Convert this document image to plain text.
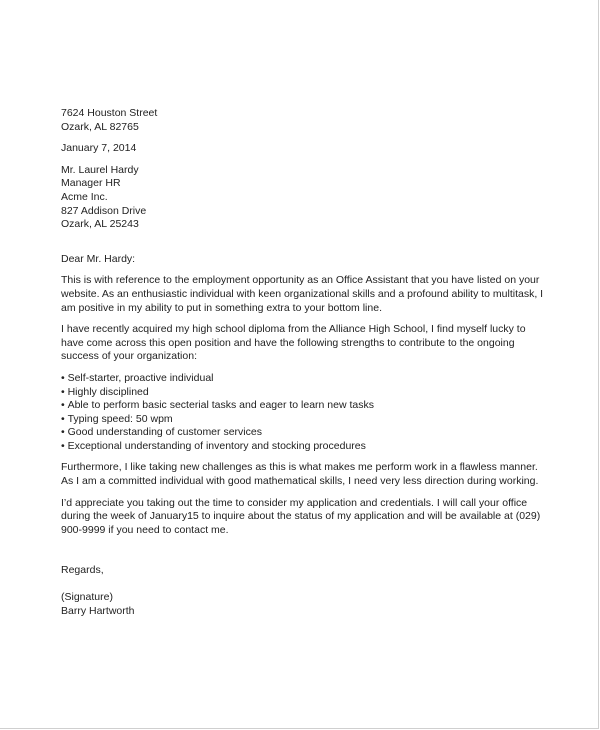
7624 Houston Street

Ozark, AL 82765

January 7, 2014

Mr. Laurel Hardy

Manager HR

Acme Inc.

827 Addison Drive

Ozark, AL 25243

Dear Mr. Hardy:

This is with reference to the employment opportunity as an Office Assistant that you have listed on your website. As an enthusiastic individual with keen organizational skills and a profound ability to multitask, I am positive in my ability to put in something extra to your bottom line.

I have recently acquired my high school diploma from the Alliance High School, I find myself lucky to have come across this open position and have the following strengths to contribute to the ongoing success of your organization:

• Self-starter, proactive individual
• Highly disciplined
• Able to perform basic secterial tasks and eager to learn new tasks
• Typing speed: 50 wpm
• Good understanding of customer services
• Exceptional understanding of inventory and stocking procedures

Furthermore, I like taking new challenges as this is what makes me perform work in a flawless manner. As I am a committed individual with good mathematical skills, I need very less direction during working.

I’d appreciate you taking out the time to consider my application and credentials. I will call your office during the week of January15 to inquire about the status of my application and will be available at (029) 900-9999 if you need to contact me.

Regards,

(Signature)

Barry Hartworth
